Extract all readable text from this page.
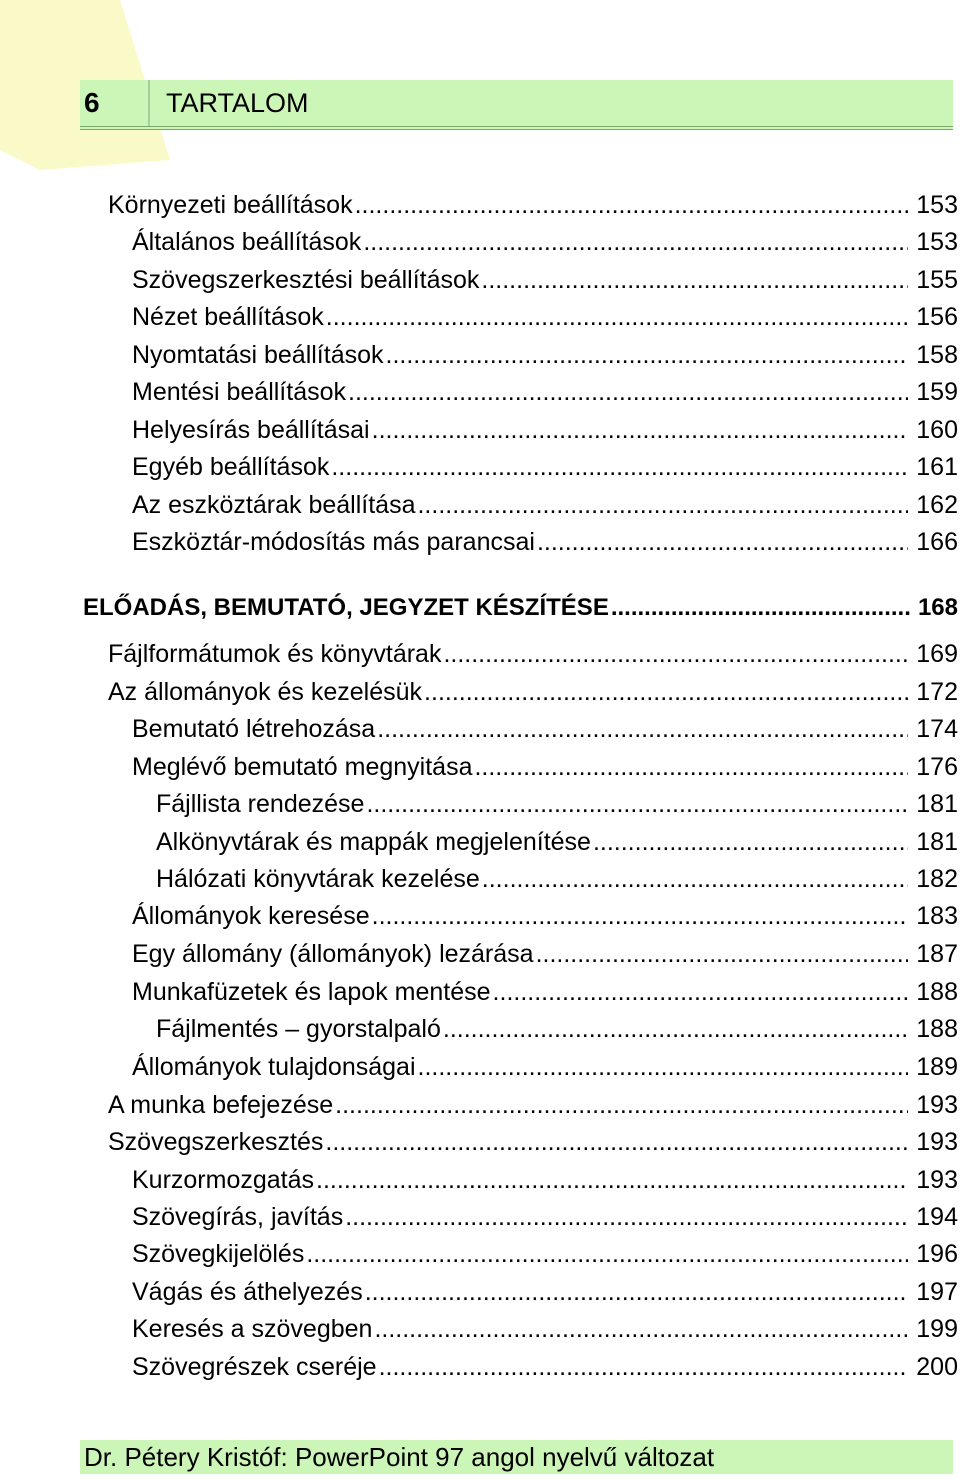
6	TARTALOM
Környezeti beállítások .....	153
Általános beállítások .....	153
Szövegszerkesztési beállítások .....	155
Nézet beállítások .....	156
Nyomtatási beállítások .....	158
Mentési beállítások .....	159
Helyesírás beállításai .....	160
Egyéb beállítások .....	161
Az eszköztárak beállítása .....	162
Eszköztár-módosítás más parancsai .....	166
ELŐADÁS, BEMUTATÓ, JEGYZET KÉSZÍTÉSE .....	168
Fájlformátumok és könyvtárak .....	169
Az állományok és kezelésük .....	172
Bemutató létrehozása .....	174
Meglévő bemutató megnyitása .....	176
Fájllista rendezése .....	181
Alkönyvtárak és mappák megjelenítése .....	181
Hálózati könyvtárak kezelése .....	182
Állományok keresése .....	183
Egy állomány (állományok) lezárása .....	187
Munkafüzetek és lapok mentése .....	188
Fájlmentés – gyorstalpaló .....	188
Állományok tulajdonságai .....	189
A munka befejezése .....	193
Szövegszerkesztés .....	193
Kurzormozgatás .....	193
Szövegírás, javítás .....	194
Szövegkijelölés .....	196
Vágás és áthelyezés .....	197
Keresés a szövegben .....	199
Szövegrészek cseréje .....	200
Dr. Pétery Kristóf: PowerPoint 97 angol nyelvű változat
